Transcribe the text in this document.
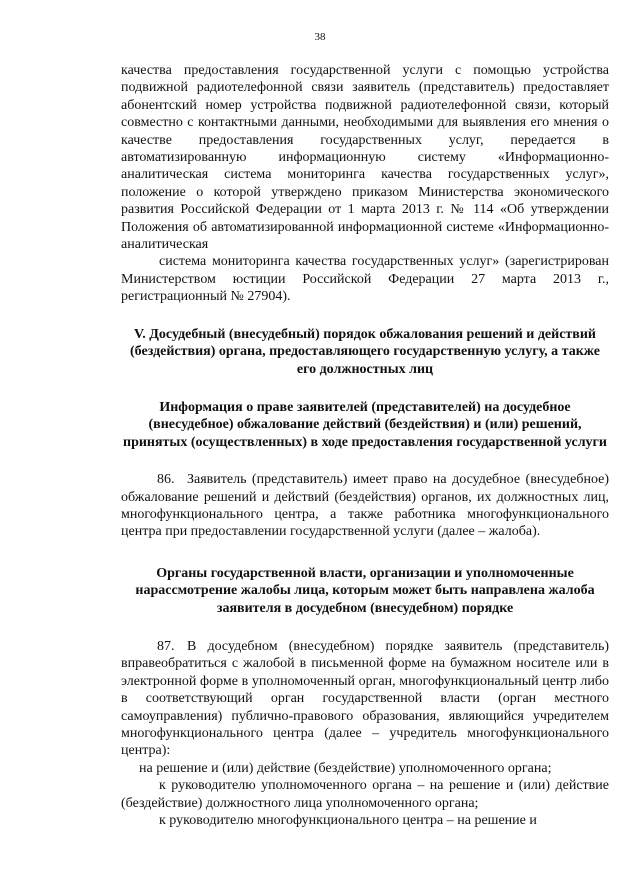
38

качества предоставления государственной услуги с помощью устройства подвижной радиотелефонной связи заявитель (представитель) предоставляет абонентский номер устройства подвижной радиотелефонной связи, который совместно с контактными данными, необходимыми для выявления его мнения о качестве предоставления государственных услуг, передается в автоматизированную информационную систему «Информационно-аналитическая система мониторинга качества государственных услуг», положение о которой утверждено приказом Министерства экономического развития Российской Федерации от 1 марта 2013 г. № 114 «Об утверждении Положения об автоматизированной информационной системе «Информационно-аналитическая

система мониторинга качества государственных услуг» (зарегистрирован Министерством юстиции Российской Федерации 27 марта 2013 г., регистрационный № 27904).

V. Досудебный (внесудебный) порядок обжалования решений и действий (бездействия) органа, предоставляющего государственную услугу, а также его должностных лиц

Информация о праве заявителей (представителей) на досудебное (внесудебное) обжалование действий (бездействия) и (или) решений, принятых (осуществленных) в ходе предоставления государственной услуги

86. Заявитель (представитель) имеет право на досудебное (внесудебное) обжалование решений и действий (бездействия) органов, их должностных лиц, многофункционального центра, а также работника многофункционального центра при предоставлении государственной услуги (далее – жалоба).

Органы государственной власти, организации и уполномоченные нарассмотрение жалобы лица, которым может быть направлена жалоба заявителя в досудебном (внесудебном) порядке

87. В досудебном (внесудебном) порядке заявитель (представитель) вправеобратиться с жалобой в письменной форме на бумажном носителе или в электронной форме в уполномоченный орган, многофункциональный центр либо в соответствующий орган государственной власти (орган местного самоуправления) публично-правового образования, являющийся учредителем многофункционального центра (далее – учредитель многофункционального центра):

на решение и (или) действие (бездействие) уполномоченного органа;

к руководителю уполномоченного органа – на решение и (или) действие (бездействие) должностного лица уполномоченного органа;

к руководителю многофункционального центра – на решение и
